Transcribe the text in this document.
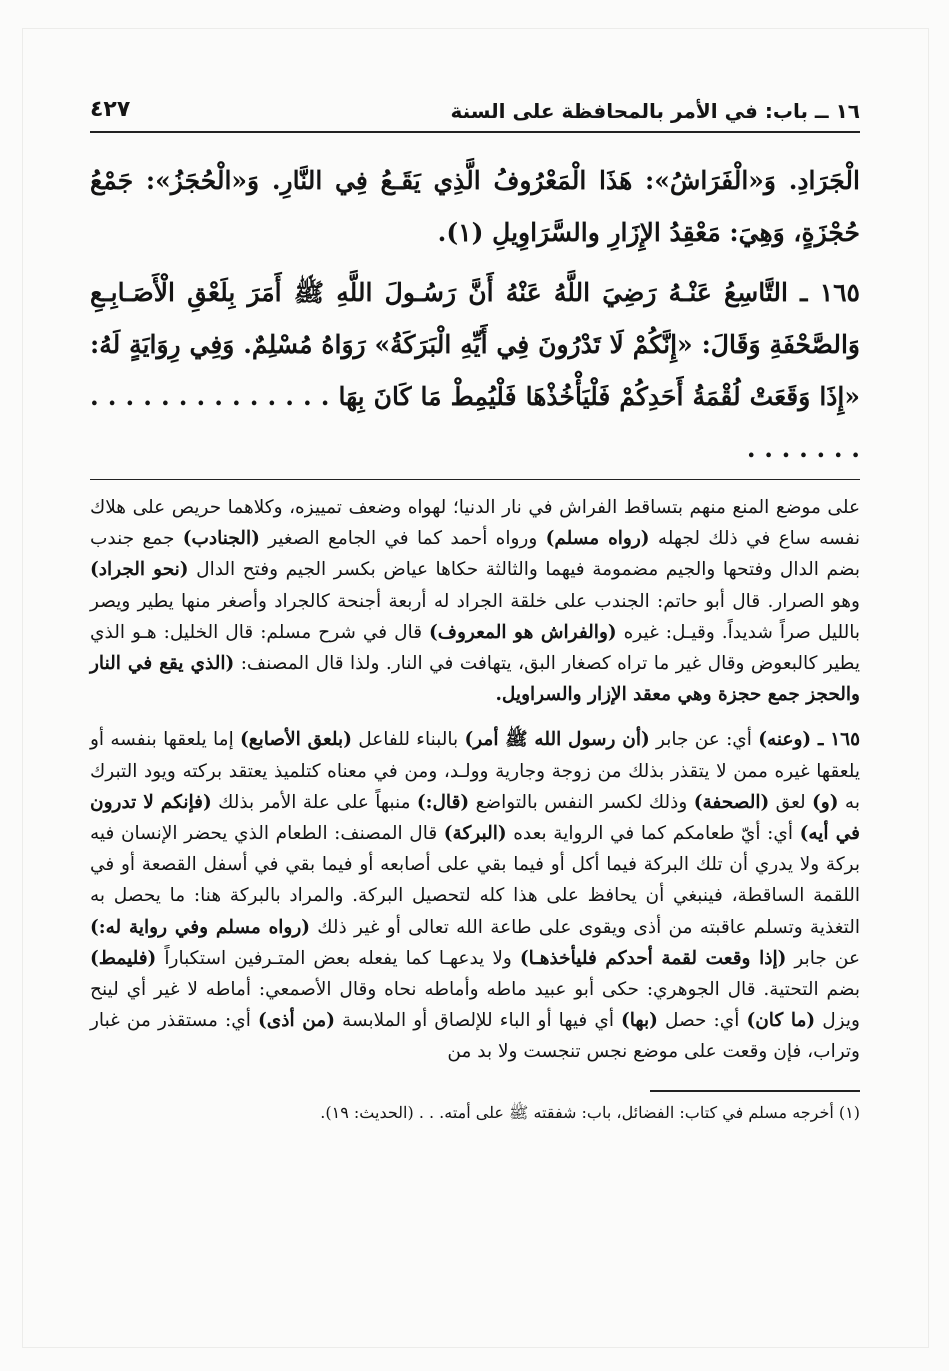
١٦ ــ باب: في الأمر بالمحافظة على السنة
٤٢٧

الْجَرَادِ. وَ«الْفَرَاشُ»: هَذَا الْمَعْرُوفُ الَّذِي يَقَـعُ فِي النَّارِ. وَ«الْحُجَزُ»: جَمْعُ حُجْزَةٍ، وَهِيَ: مَعْقِدُ الإِزَارِ والسَّرَاوِيلِ (١).

١٦٥ ـ التَّاسِعُ عَنْـهُ رَضِيَ اللَّهُ عَنْهُ أَنَّ رَسُـولَ اللَّهِ ﷺ أَمَرَ بِلَعْقِ الْأَصَـابِـعِ وَالصَّحْفَةِ وَقَالَ: «إِنَّكُمْ لَا تَدْرُونَ فِي أَيِّهِ الْبَرَكَةُ» رَوَاهُ مُسْلِمٌ. وَفِي رِوَايَةٍ لَهُ: «إِذَا وَقَعَتْ لُقْمَةُ أَحَدِكُمْ فَلْيَأْخُذْهَا فَلْيُمِطْ مَا كَانَ بِهَا . . . . . . . . . . . . . . . . . . . . .

على موضع المنع منهم بتساقط الفراش في نار الدنيا؛ لهواه وضعف تمييزه، وكلاهما حريص على هلاك نفسه ساع في ذلك لجهله (رواه مسلم) ورواه أحمد كما في الجامع الصغير (الجنادب) جمع جندب بضم الدال وفتحها والجيم مضمومة فيهما والثالثة حكاها عياض بكسر الجيم وفتح الدال (نحو الجراد) وهو الصرار. قال أبو حاتم: الجندب على خلقة الجراد له أربعة أجنحة كالجراد وأصغر منها يطير ويصر بالليل صراً شديداً. وقيـل: غيره (والفراش هو المعروف) قال في شرح مسلم: قال الخليل: هـو الذي يطير كالبعوض وقال غير ما تراه كصغار البق، يتهافت في النار. ولذا قال المصنف: (الذي يقع في النار والحجز جمع حجزة وهي معقد الإزار والسراويل.

١٦٥ ـ (وعنه) أي: عن جابر (أن رسول الله ﷺ أمر) بالبناء للفاعل (بلعق الأصابع) إما يلعقها بنفسه أو يلعقها غيره ممن لا يتقذر بذلك من زوجة وجارية وولـد، ومن في معناه كتلميذ يعتقد بركته ويود التبرك به (و) لعق (الصحفة) وذلك لكسر النفس بالتواضع (قال:) منبهاً على علة الأمر بذلك (فإنكم لا تدرون في أيه) أي: أيّ طعامكم كما في الرواية بعده (البركة) قال المصنف: الطعام الذي يحضر الإنسان فيه بركة ولا يدري أن تلك البركة فيما أكل أو فيما بقي على أصابعه أو فيما بقي في أسفل القصعة أو في اللقمة الساقطة، فينبغي أن يحافظ على هذا كله لتحصيل البركة. والمراد بالبركة هنا: ما يحصل به التغذية وتسلم عاقبته من أذى ويقوى على طاعة الله تعالى أو غير ذلك (رواه مسلم وفي رواية له:) عن جابر (إذا وقعت لقمة أحدكم فليأخذهـا) ولا يدعهـا كما يفعله بعض المتـرفين استكباراً (فليمط) بضم التحتية. قال الجوهري: حكى أبو عبيد ماطه وأماطه نحاه وقال الأصمعي: أماطه لا غير أي لينح ويزل (ما كان) أي: حصل (بها) أي فيها أو الباء للإلصاق أو الملابسة (من أذى) أي: مستقذر من غبار وتراب، فإن وقعت على موضع نجس تنجست ولا بد من

(١) أخرجه مسلم في كتاب: الفضائل، باب: شفقته ﷺ على أمته. . . (الحديث: ١٩).
